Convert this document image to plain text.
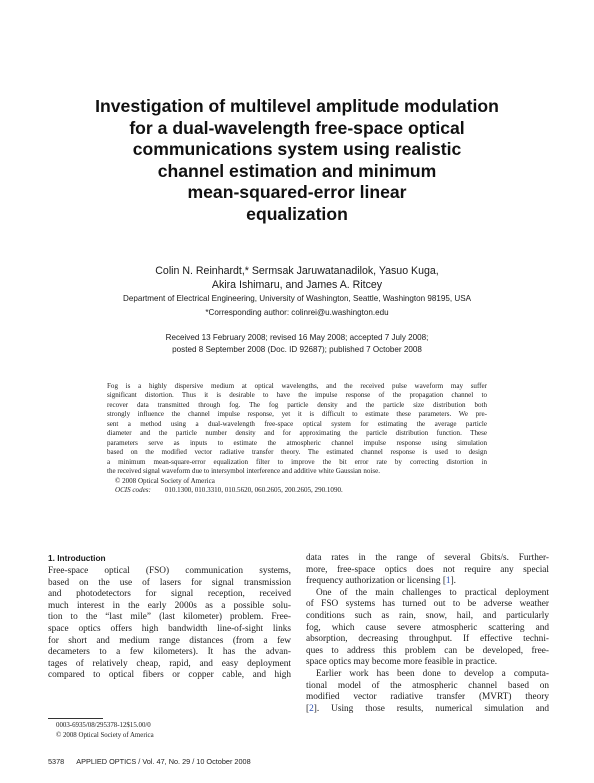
Investigation of multilevel amplitude modulation
for a dual-wavelength free-space optical
communications system using realistic
channel estimation and minimum
mean-squared-error linear
equalization
Colin N. Reinhardt,* Sermsak Jaruwatanadilok, Yasuo Kuga,
Akira Ishimaru, and James A. Ritcey
Department of Electrical Engineering, University of Washington, Seattle, Washington 98195, USA
*Corresponding author: colinrei@u.washington.edu
Received 13 February 2008; revised 16 May 2008; accepted 7 July 2008;
posted 8 September 2008 (Doc. ID 92687); published 7 October 2008
Fog is a highly dispersive medium at optical wavelengths, and the received pulse waveform may suffer
significant distortion. Thus it is desirable to have the impulse response of the propagation channel to
recover data transmitted through fog. The fog particle density and the particle size distribution both
strongly influence the channel impulse response, yet it is difficult to estimate these parameters. We pre-
sent a method using a dual-wavelength free-space optical system for estimating the average particle
diameter and the particle number density and for approximating the particle distribution function. These
parameters serve as inputs to estimate the atmospheric channel impulse response using simulation
based on the modified vector radiative transfer theory. The estimated channel response is used to design
a minimum mean-square-error equalization filter to improve the bit error rate by correcting distortion in
the received signal waveform due to intersymbol interference and additive white Gaussian noise.
© 2008 Optical Society of America
OCIS codes: 010.1300, 010.3310, 010.5620, 060.2605, 200.2605, 290.1090.
1. Introduction
Free-space optical (FSO) communication systems,
based on the use of lasers for signal transmission
and photodetectors for signal reception, received
much interest in the early 2000s as a possible solu-
tion to the “last mile” (last kilometer) problem. Free-
space optics offers high bandwidth line-of-sight links
for short and medium range distances (from a few
decameters to a few kilometers). It has the advan-
tages of relatively cheap, rapid, and easy deployment
compared to optical fibers or copper cable, and high
data rates in the range of several Gbits/s. Further-
more, free-space optics does not require any special
frequency authorization or licensing [1].
One of the main challenges to practical deployment
of FSO systems has turned out to be adverse weather
conditions such as rain, snow, hail, and particularly
fog, which cause severe atmospheric scattering and
absorption, decreasing throughput. If effective techni-
ques to address this problem can be developed, free-
space optics may become more feasible in practice.
Earlier work has been done to develop a computa-
tional model of the atmospheric channel based on
modified vector radiative transfer (MVRT) theory
[2]. Using those results, numerical simulation and
0003-6935/08/295378-12$15.00/0
© 2008 Optical Society of America
5378 APPLIED OPTICS / Vol. 47, No. 29 / 10 October 2008
